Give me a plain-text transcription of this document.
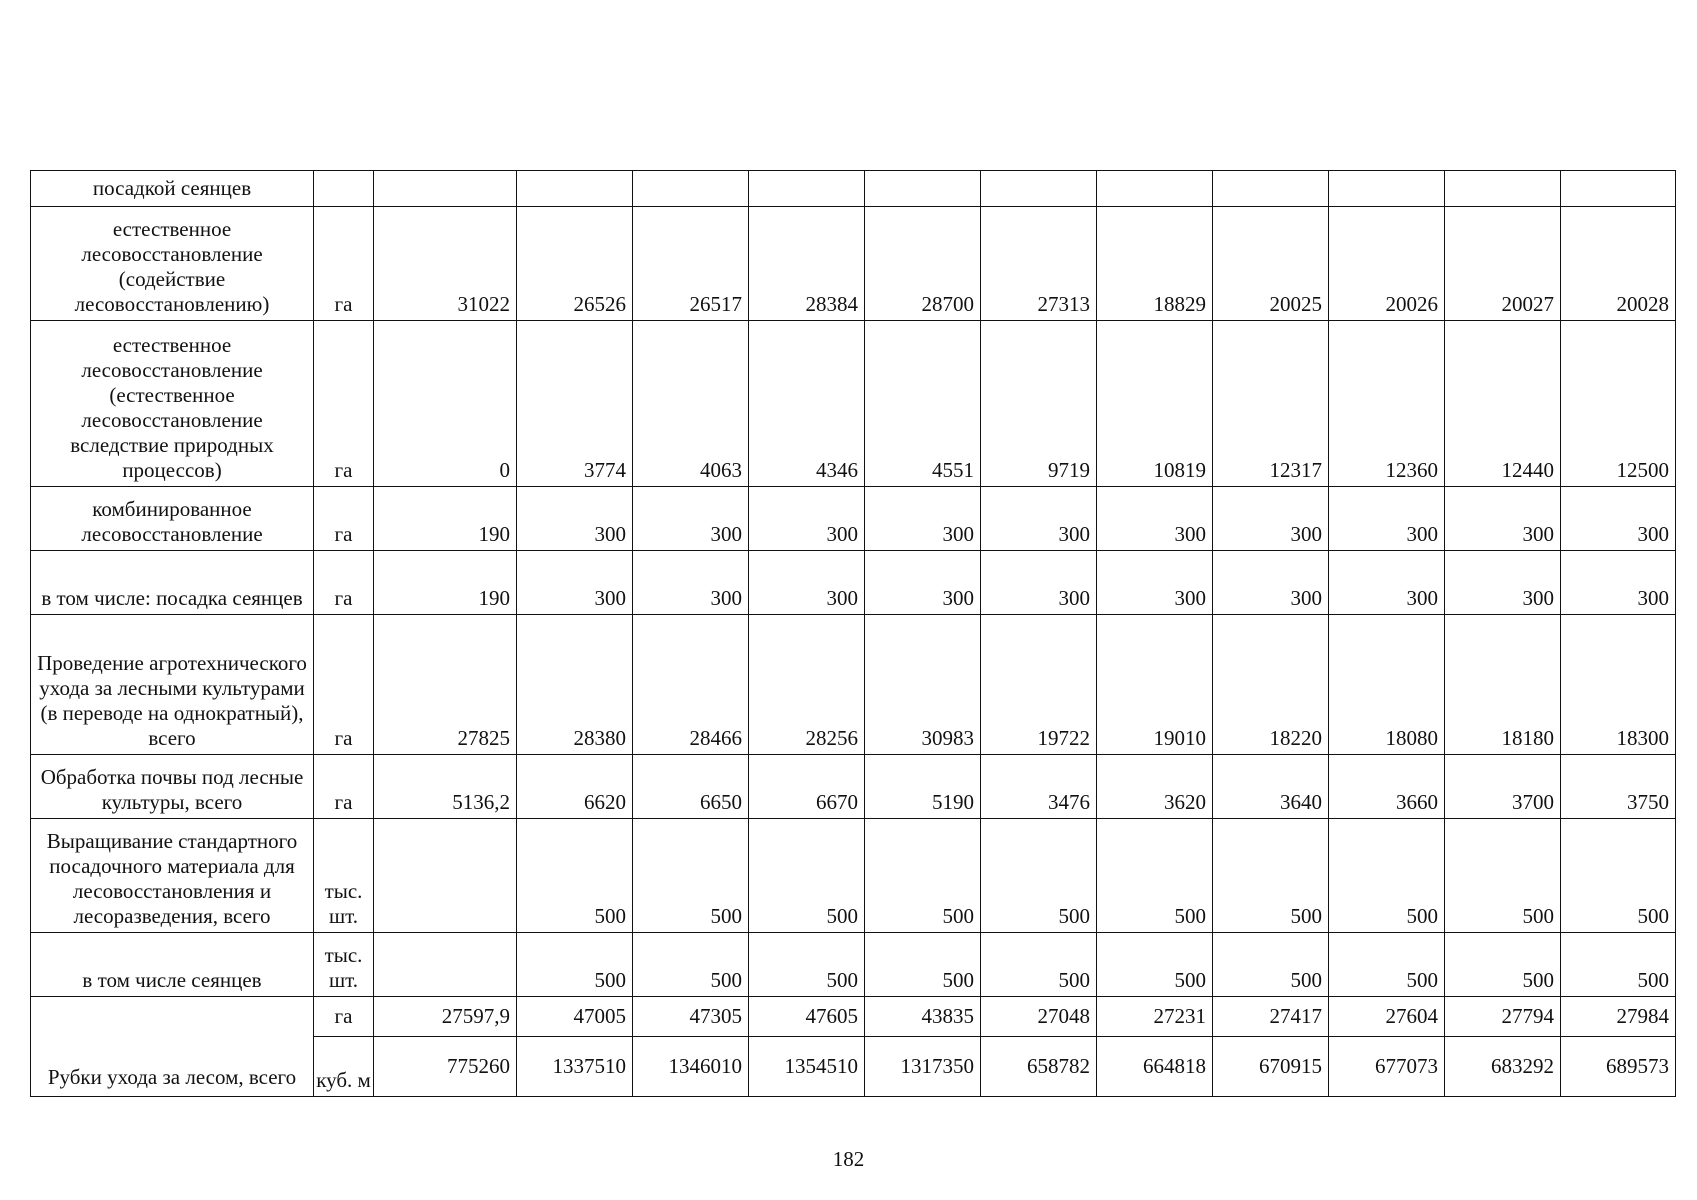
посадкой сеянцев												
естественное лесовосстановление (содействие лесовосстановлению)	га	31022	26526	26517	28384	28700	27313	18829	20025	20026	20027	20028
естественное лесовосстановление (естественное лесовосстановление вследствие природных процессов)	га	0	3774	4063	4346	4551	9719	10819	12317	12360	12440	12500
комбинированное лесовосстановление	га	190	300	300	300	300	300	300	300	300	300	300
в том числе: посадка сеянцев	га	190	300	300	300	300	300	300	300	300	300	300
Проведение агротехнического ухода за лесными культурами (в переводе на однократный), всего	га	27825	28380	28466	28256	30983	19722	19010	18220	18080	18180	18300
Обработка почвы под лесные культуры, всего	га	5136,2	6620	6650	6670	5190	3476	3620	3640	3660	3700	3750
Выращивание стандартного посадочного материала для лесовосстановления и лесоразведения, всего	тыс. шт.		500	500	500	500	500	500	500	500	500	500
в том числе сеянцев	тыс. шт.		500	500	500	500	500	500	500	500	500	500
Рубки ухода за лесом, всего	га	27597,9	47005	47305	47605	43835	27048	27231	27417	27604	27794	27984
	куб. м	775260	1337510	1346010	1354510	1317350	658782	664818	670915	677073	683292	689573
182
